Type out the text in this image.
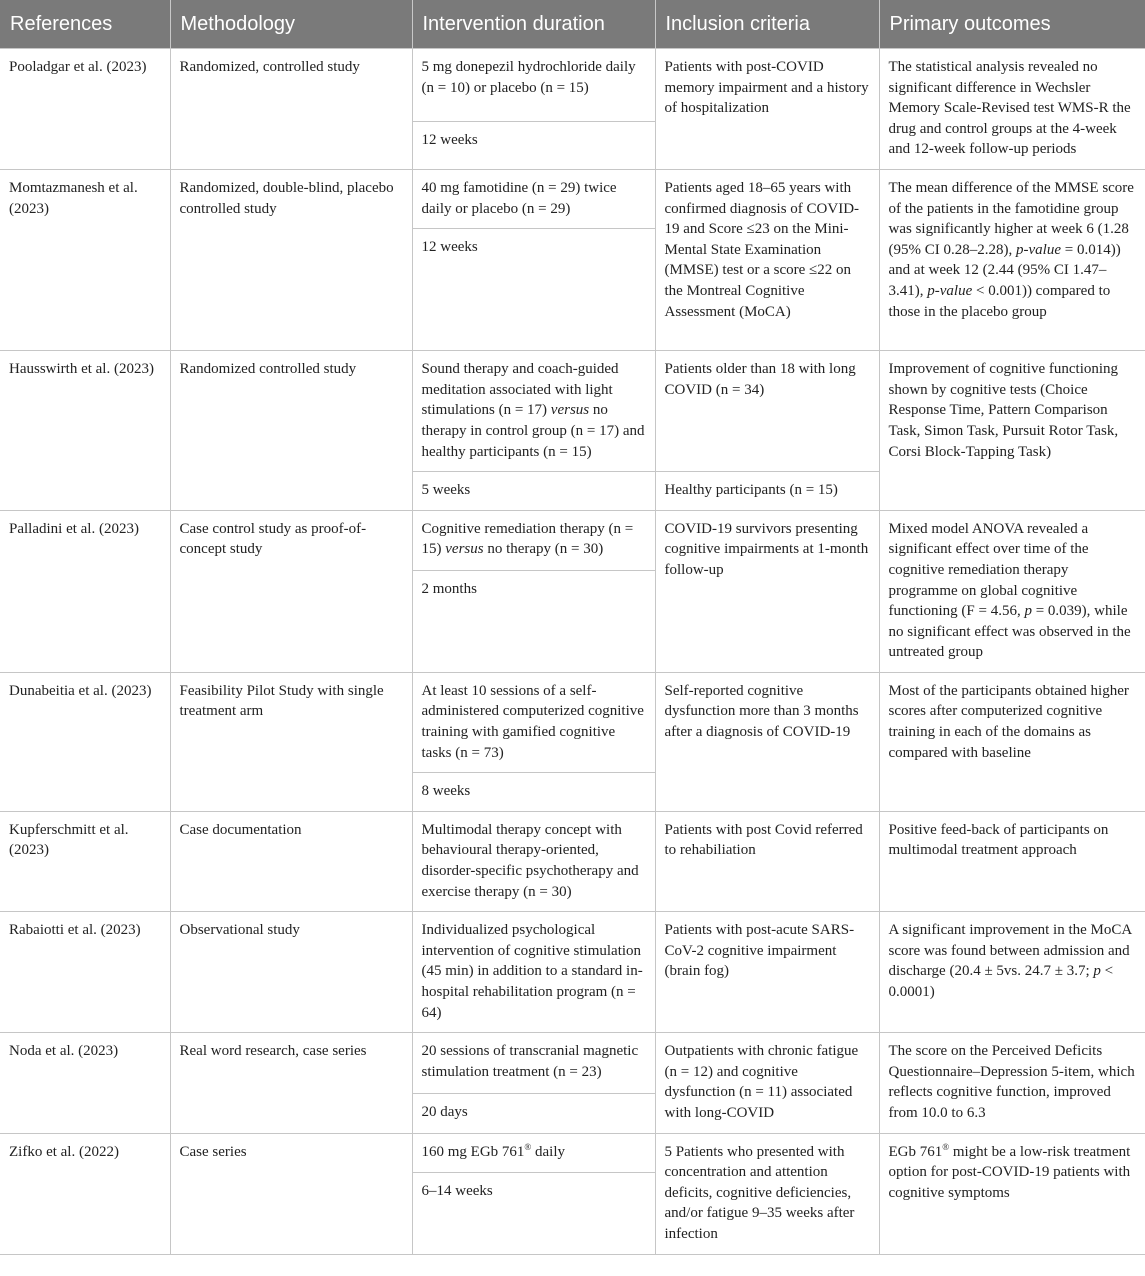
References	Methodology	Intervention duration	Inclusion criteria	Primary outcomes
Pooladgar et al. (2023)	Randomized, controlled study	5 mg donepezil hydrochloride daily (n = 10) or placebo (n = 15)	Patients with post-COVID memory impairment and a history of hospitalization	The statistical analysis revealed no significant difference in Wechsler Memory Scale-Revised test WMS-R the drug and control groups at the 4-week and 12-week follow-up periods
		12 weeks		
Momtazmanesh et al. (2023)	Randomized, double-blind, placebo controlled study	40 mg famotidine (n = 29) twice daily or placebo (n = 29)	Patients aged 18–65 years with confirmed diagnosis of COVID-19 and Score ≤23 on the Mini-Mental State Examination (MMSE) test or a score ≤22 on the Montreal Cognitive Assessment (MoCA)	The mean difference of the MMSE score of the patients in the famotidine group was significantly higher at week 6 (1.28 (95% CI 0.28–2.28), p-value = 0.014)) and at week 12 (2.44 (95% CI 1.47–3.41), p-value < 0.001)) compared to those in the placebo group
		12 weeks		
Hausswirth et al. (2023)	Randomized controlled study	Sound therapy and coach-guided meditation associated with light stimulations (n = 17) versus no therapy in control group (n = 17) and healthy participants (n = 15)	Patients older than 18 with long COVID (n = 34)	Improvement of cognitive functioning shown by cognitive tests (Choice Response Time, Pattern Comparison Task, Simon Task, Pursuit Rotor Task, Corsi Block-Tapping Task)
		5 weeks	Healthy participants (n = 15)	
Palladini et al. (2023)	Case control study as proof-of-concept study	Cognitive remediation therapy (n = 15) versus no therapy (n = 30)	COVID-19 survivors presenting cognitive impairments at 1-month follow-up	Mixed model ANOVA revealed a significant effect over time of the cognitive remediation therapy programme on global cognitive functioning (F = 4.56, p = 0.039), while no significant effect was observed in the untreated group
		2 months		
Dunabeitia et al. (2023)	Feasibility Pilot Study with single treatment arm	At least 10 sessions of a self-administered computerized cognitive training with gamified cognitive tasks (n = 73)	Self-reported cognitive dysfunction more than 3 months after a diagnosis of COVID-19	Most of the participants obtained higher scores after computerized cognitive training in each of the domains as compared with baseline
		8 weeks		
Kupferschmitt et al. (2023)	Case documentation	Multimodal therapy concept with behavioural therapy-oriented, disorder-specific psychotherapy and exercise therapy (n = 30)	Patients with post Covid referred to rehabiliation	Positive feed-back of participants on multimodal treatment approach
Rabaiotti et al. (2023)	Observational study	Individualized psychological intervention of cognitive stimulation (45 min) in addition to a standard in-hospital rehabilitation program (n = 64)	Patients with post-acute SARS-CoV-2 cognitive impairment (brain fog)	A significant improvement in the MoCA score was found between admission and discharge (20.4 ± 5vs. 24.7 ± 3.7; p < 0.0001)
Noda et al. (2023)	Real word research, case series	20 sessions of transcranial magnetic stimulation treatment (n = 23)	Outpatients with chronic fatigue (n = 12) and cognitive dysfunction (n = 11) associated with long-COVID	The score on the Perceived Deficits Questionnaire–Depression 5-item, which reflects cognitive function, improved from 10.0 to 6.3
		20 days		
Zifko et al. (2022)	Case series	160 mg EGb 761® daily	5 Patients who presented with concentration and attention deficits, cognitive deficiencies, and/or fatigue 9–35 weeks after infection	EGb 761® might be a low-risk treatment option for post-COVID-19 patients with cognitive symptoms
		6–14 weeks		
